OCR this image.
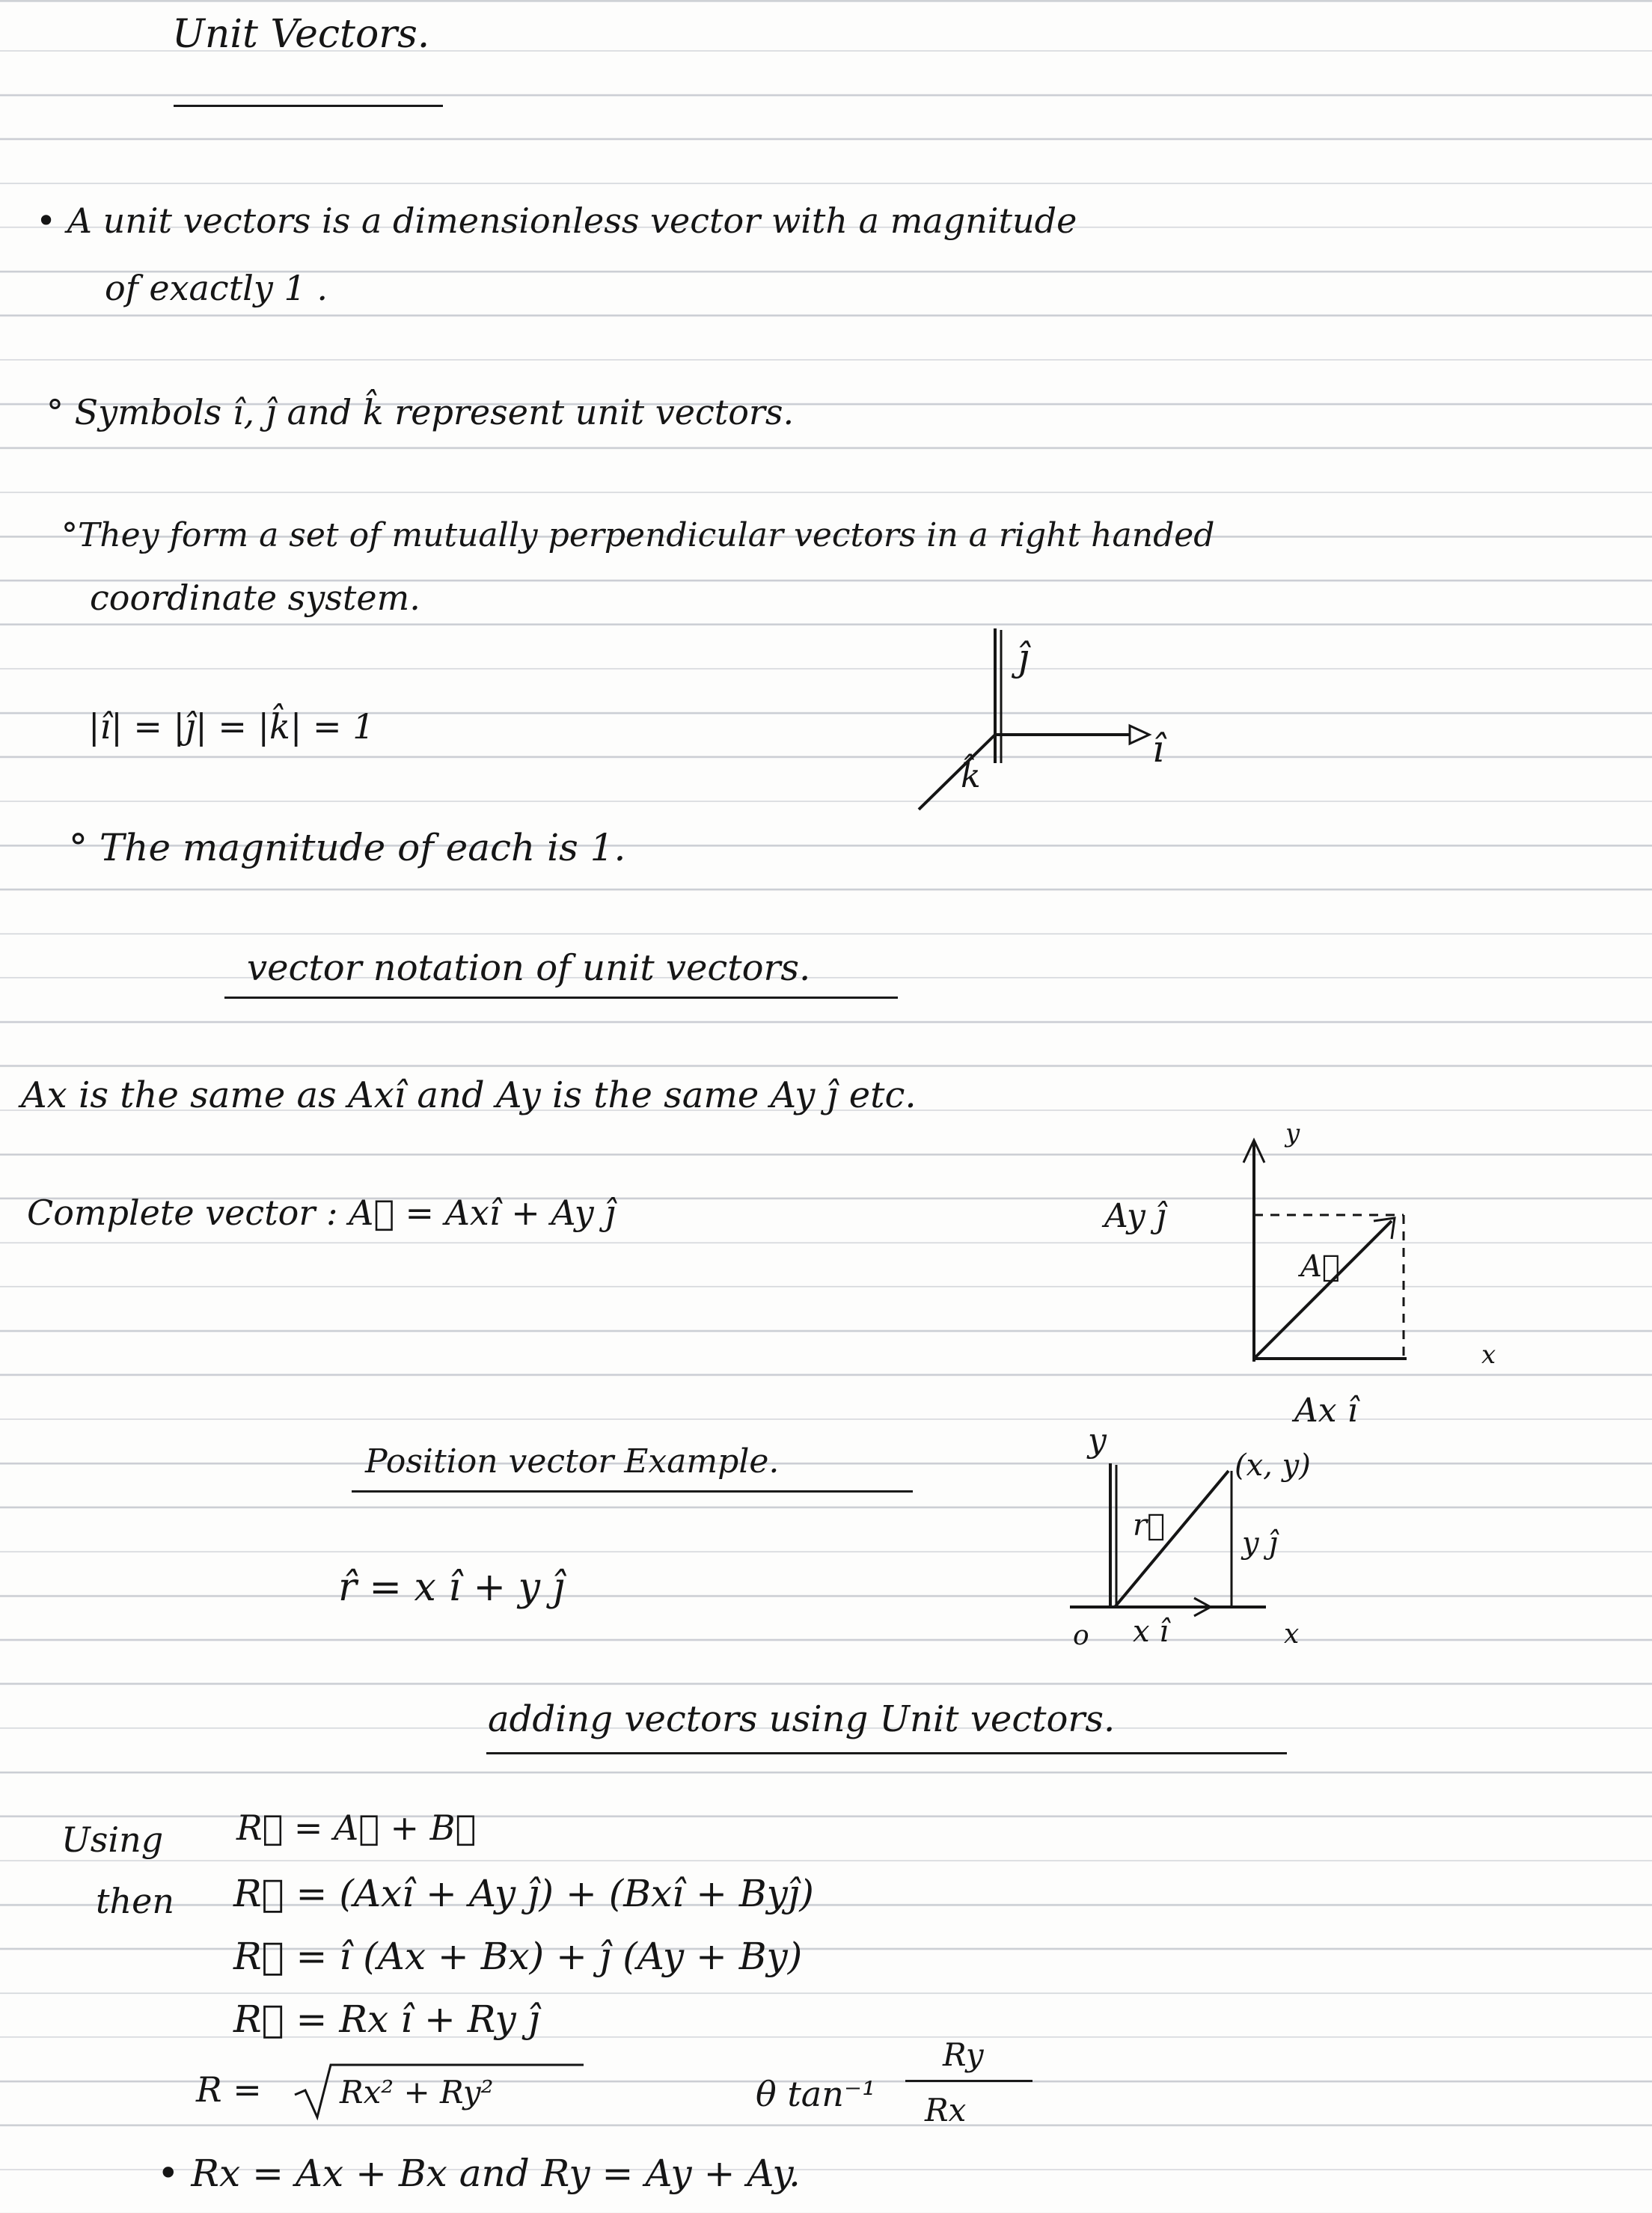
Unit Vectors.
• A unit vectors is a dimensionless vector with a magnitude
of exactly 1 .
° Symbols î, ĵ and k̂ represent unit vectors.
°They form a set of mutually perpendicular vectors in a right handed
coordinate system.
|î| = |ĵ| = |k̂| = 1
ĵ
î
k̂
° The magnitude of each is 1.
vector notation of unit vectors.
Ax is the same as Axî and Ay is the same Ay ĵ etc.
Complete vector : A⃗ = Axî + Ay ĵ
y
Ay ĵ
A⃗
x
Ax î
Position vector Example.
r̂ = x î + y ĵ
y
(x, y)
r⃗
y ĵ
o x î	x
adding vectors using Unit vectors.
Using R⃗ = A⃗ + B⃗
then R⃗ = (Axî + Ay ĵ) + (Bxî + Byĵ)
R⃗ = î (Ax + Bx) + ĵ (Ay + By)
R⃗ = Rx î + Ry ĵ
R = Rx² + Ry²	θ tan⁻¹
Ry
Rx
• Rx = Ax + Bx and Ry = Ay + Ay.
